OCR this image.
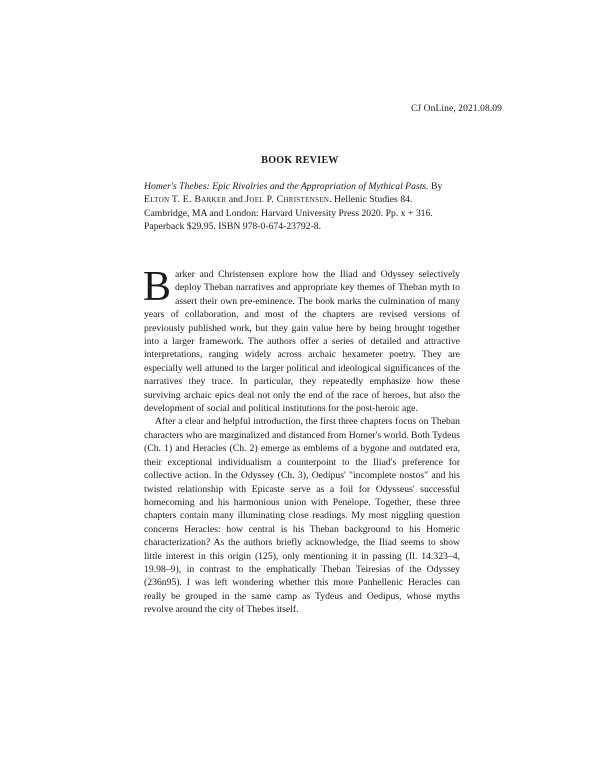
CJ OnLine, 2021.08.09
BOOK REVIEW
Homer's Thebes: Epic Rivalries and the Appropriation of Mythical Pasts. By Elton T. E. Barker and Joel P. Christensen. Hellenic Studies 84. Cambridge, MA and London: Harvard University Press 2020. Pp. x + 316. Paperback $29.95. ISBN 978-0-674-23792-8.

Barker and Christensen explore how the Iliad and Odyssey selectively deploy Theban narratives and appropriate key themes of Theban myth to assert their own pre-eminence. The book marks the culmination of many years of collaboration, and most of the chapters are revised versions of previously published work, but they gain value here by being brought together into a larger framework. The authors offer a series of detailed and attractive interpretations, ranging widely across archaic hexameter poetry. They are especially well attuned to the larger political and ideological significances of the narratives they trace. In particular, they repeatedly emphasize how these surviving archaic epics deal not only the end of the race of heroes, but also the development of social and political institutions for the post-heroic age.

After a clear and helpful introduction, the first three chapters focus on Theban characters who are marginalized and distanced from Homer's world. Both Tydeus (Ch. 1) and Heracles (Ch. 2) emerge as emblems of a bygone and outdated era, their exceptional individualism a counterpoint to the Iliad's preference for collective action. In the Odyssey (Ch. 3), Oedipus' "incomplete nostos" and his twisted relationship with Epicaste serve as a foil for Odysseus' successful homecoming and his harmonious union with Penelope. Together, these three chapters contain many illuminating close readings. My most niggling question concerns Heracles: how central is his Theban background to his Homeric characterization? As the authors briefly acknowledge, the Iliad seems to show little interest in this origin (125), only mentioning it in passing (Il. 14.323–4, 19.98–9), in contrast to the emphatically Theban Teiresias of the Odyssey (236n95). I was left wondering whether this more Panhellenic Heracles can really be grouped in the same camp as Tydeus and Oedipus, whose myths revolve around the city of Thebes itself.
